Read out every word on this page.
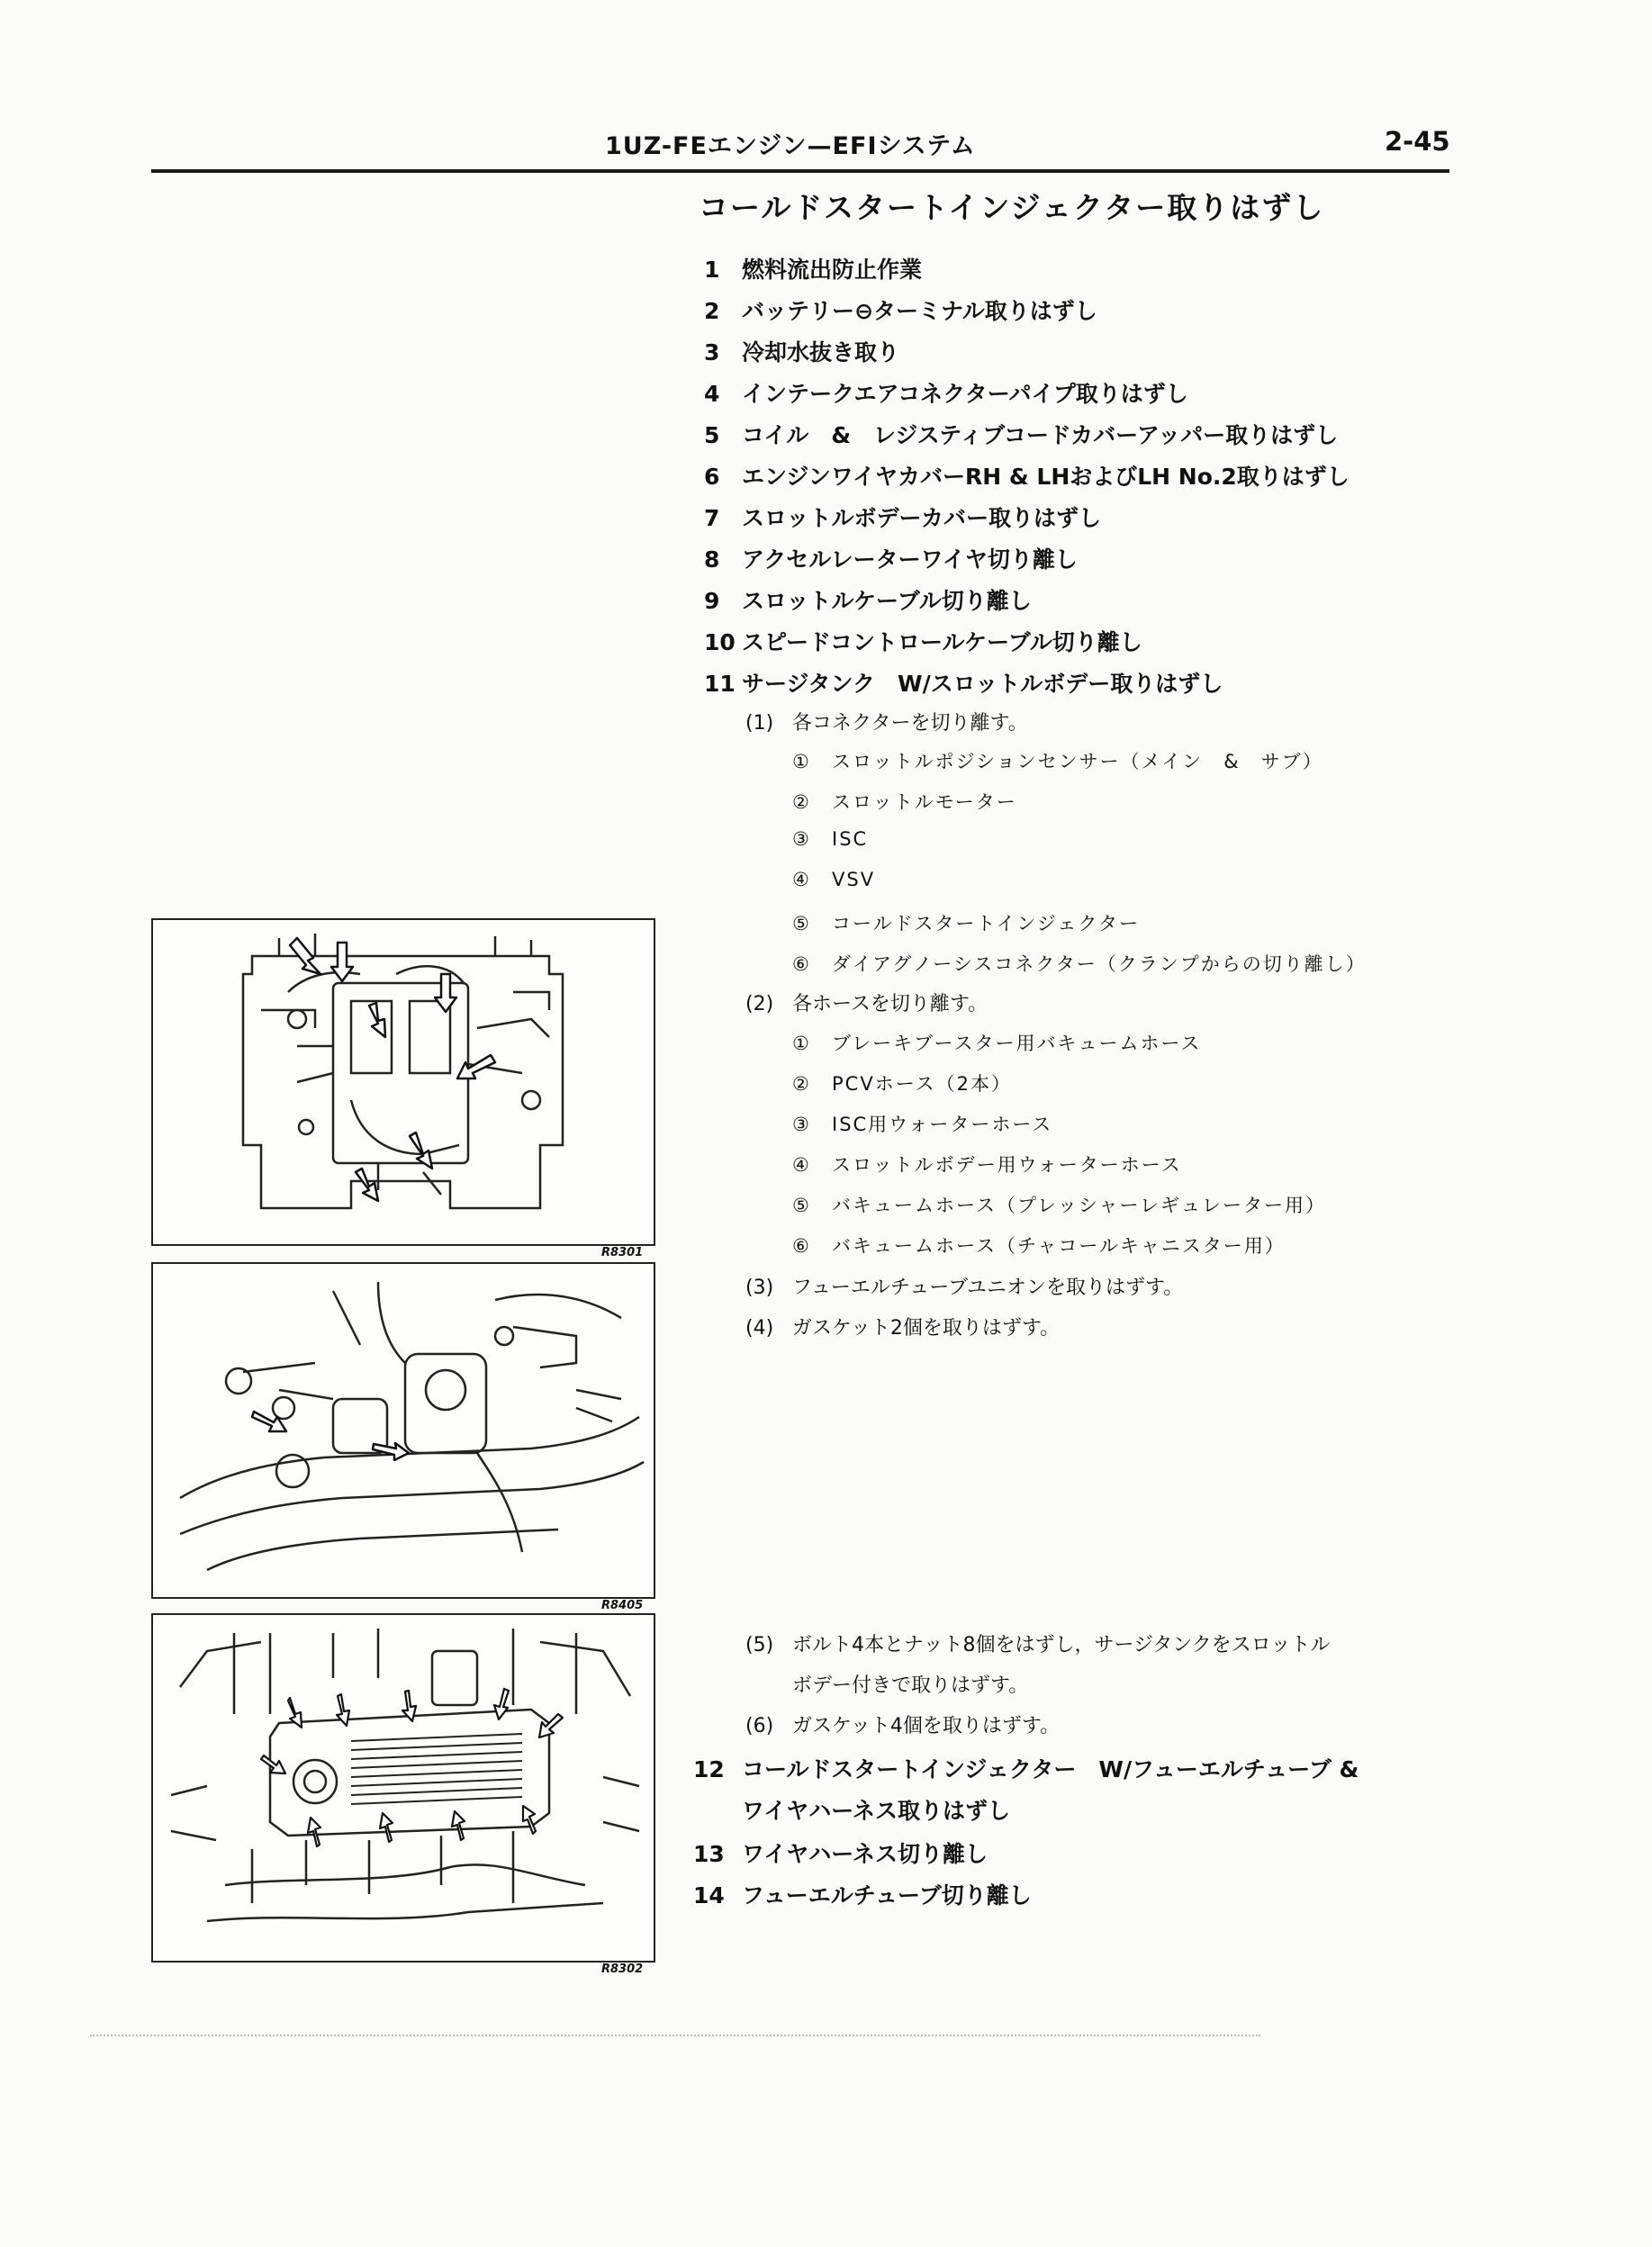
1UZ-FEエンジン—EFIシステム	2-45
コールドスタートインジェクター取りはずし
1 燃料流出防止作業
2 バッテリー⊖ターミナル取りはずし
3 冷却水抜き取り
4 インテークエアコネクターパイプ取りはずし
5 コイル　&　レジスティブコードカバーアッパー取りはずし
6 エンジンワイヤカバーRH & LHおよびLH No.2取りはずし
7 スロットルボデーカバー取りはずし
8 アクセルレーターワイヤ切り離し
9 スロットルケーブル切り離し
10 スピードコントロールケーブル切り離し
11 サージタンク　W/スロットルボデー取りはずし
(1) 各コネクターを切り離す。
① スロットルポジションセンサー（メイン　&　サブ）
② スロットルモーター
③ ISC
④ VSV
⑤ コールドスタートインジェクター
⑥ ダイアグノーシスコネクター（クランプからの切り離し）
(2) 各ホースを切り離す。
① ブレーキブースター用バキュームホース
② PCVホース（2本）
③ ISC用ウォーターホース
④ スロットルボデー用ウォーターホース
⑤ バキュームホース（プレッシャーレギュレーター用）
⑥ バキュームホース（チャコールキャニスター用）
(3) フューエルチューブユニオンを取りはずす。
(4) ガスケット2個を取りはずす。
(5) ボルト4本とナット8個をはずし，サージタンクをスロットル
ボデー付きで取りはずす。
(6) ガスケット4個を取りはずす。
12 コールドスタートインジェクター　W/フューエルチューブ &
ワイヤハーネス取りはずし
13 ワイヤハーネス切り離し
14 フューエルチューブ切り離し
R8301
R8405
R8302
